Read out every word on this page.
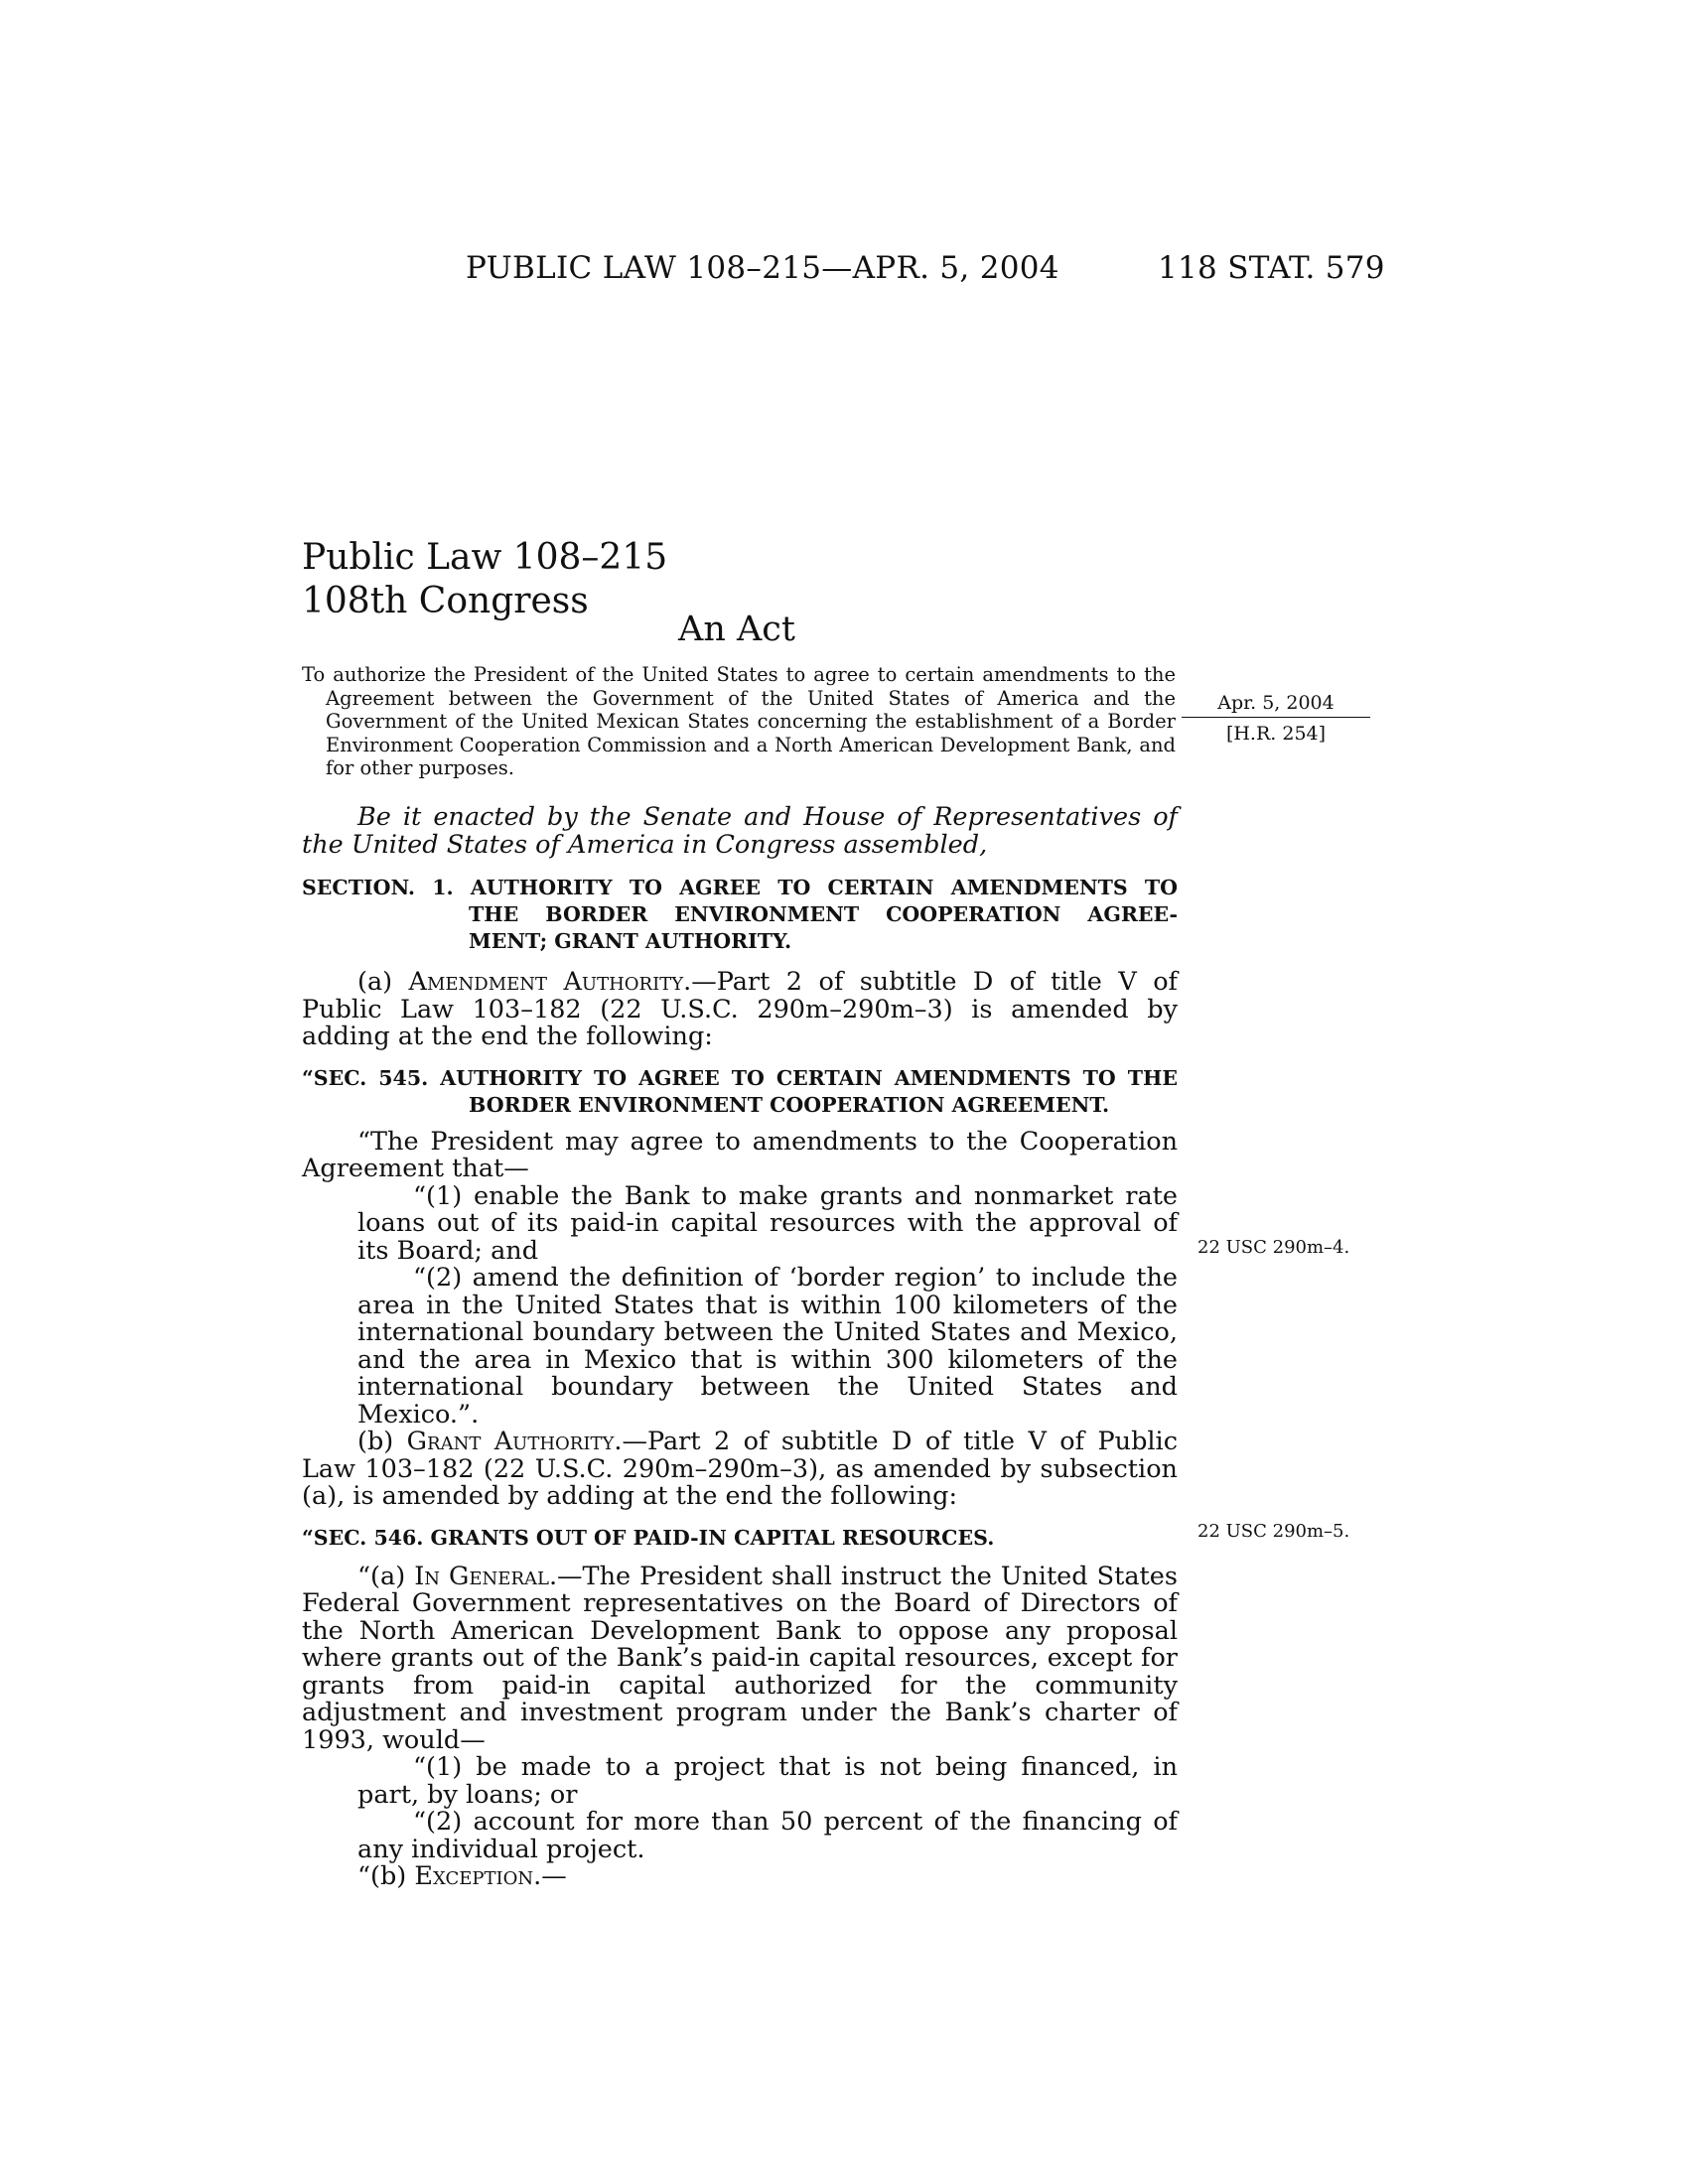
PUBLIC LAW 108–215—APR. 5, 2004	118 STAT. 579
Public Law 108–215
108th Congress
An Act

To authorize the President of the United States to agree to certain amendments to the Agreement between the Government of the United States of America and the Government of the United Mexican States concerning the establishment of a Border Environment Cooperation Commission and a North American Development Bank, and for other purposes.

Apr. 5, 2004
[H.R. 254]

Be it enacted by the Senate and House of Representatives of the United States of America in Congress assembled,

SECTION. 1. AUTHORITY TO AGREE TO CERTAIN AMENDMENTS TO
THE BORDER ENVIRONMENT COOPERATION AGREE-
MENT; GRANT AUTHORITY.

(a) Amendment Authority.—Part 2 of subtitle D of title V of Public Law 103–182 (22 U.S.C. 290m–290m–3) is amended by adding at the end the following:

“SEC. 545. AUTHORITY TO AGREE TO CERTAIN AMENDMENTS TO THE
BORDER ENVIRONMENT COOPERATION AGREEMENT.

“The President may agree to amendments to the Cooperation Agreement that—

“(1) enable the Bank to make grants and nonmarket rate loans out of its paid-in capital resources with the approval of its Board; and

“(2) amend the definition of ‘border region’ to include the area in the United States that is within 100 kilometers of the international boundary between the United States and Mexico, and the area in Mexico that is within 300 kilometers of the international boundary between the United States and Mexico.”.

(b) Grant Authority.—Part 2 of subtitle D of title V of Public Law 103–182 (22 U.S.C. 290m–290m–3), as amended by subsection (a), is amended by adding at the end the following:

“SEC. 546. GRANTS OUT OF PAID-IN CAPITAL RESOURCES.

“(a) In General.—The President shall instruct the United States Federal Government representatives on the Board of Directors of the North American Development Bank to oppose any proposal where grants out of the Bank’s paid-in capital resources, except for grants from paid-in capital authorized for the community adjustment and investment program under the Bank’s charter of 1993, would—

“(1) be made to a project that is not being financed, in part, by loans; or

“(2) account for more than 50 percent of the financing of any individual project.

“(b) Exception.—

22 USC 290m–4.
22 USC 290m–5.
